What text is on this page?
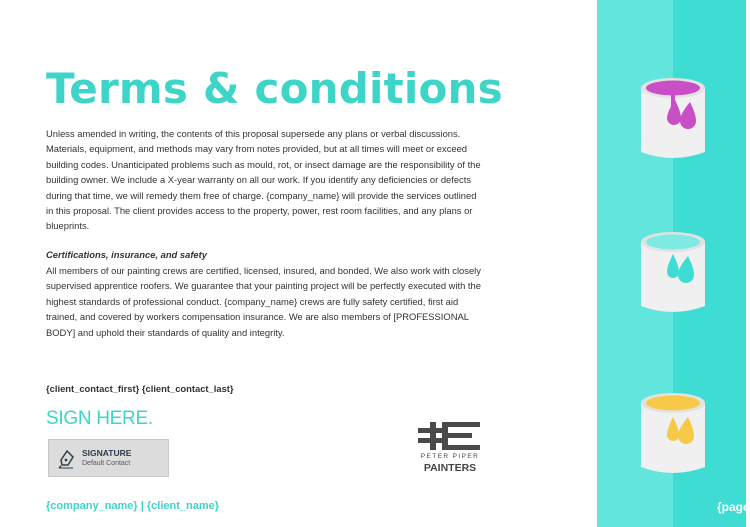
Terms & conditions

Unless amended in writing, the contents of this proposal supersede any plans or verbal discussions. Materials, equipment, and methods may vary from notes provided, but at all times will meet or exceed building codes. Unanticipated problems such as mould, rot, or insect damage are the responsibility of the building owner. We include a X-year warranty on all our work. If you identify any deficiencies or defects during that time, we will remedy them free of charge. {company_name} will provide the services outlined in this proposal. The client provides access to the property, power, rest room facilities, and any plans or blueprints.

Certifications, insurance, and safety

All members of our painting crews are certified, licensed, insured, and bonded. We also work with closely supervised apprentice roofers. We guarantee that your painting project will be perfectly executed with the highest standards of professional conduct. {company_name} crews are fully safety certified, first aid trained, and covered by workers compensation insurance. We are also members of [PROFESSIONAL BODY] and uphold their standards of quality and integrity.

{client_contact_first} {client_contact_last}
SIGN HERE.
SIGNATURE
Default Contact
PETER PIPER
PAINTERS
{company_name} | {client_name}	{page
